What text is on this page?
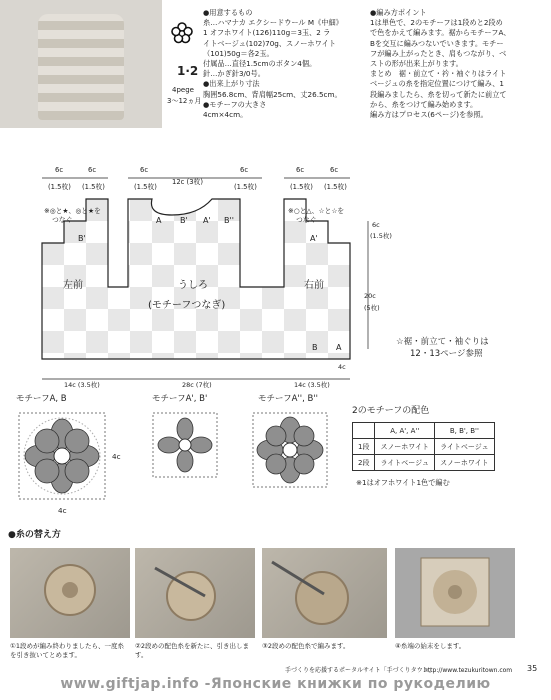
1·2
4pege
3～12ヵ月
●用意するもの
糸…ハマナカ エクシードウール M《中細》
1 オフホワイト(126)110g＝3玉、2 ラ
イトベージュ(102)70g、スノーホワイト
（101)50g＝各2玉。
付属品…直径1.5cmのボタン4個。
針…かぎ針3/0号。
●出来上がり寸法
胸囲56.8cm、背肩幅25cm、丈26.5cm。
●モチーフの大きさ
4cm×4cm。
●編み方ポイント
1は単色で、2のモチーフは1段めと2段め
で色をかえて編みます。裾からモチーフA、
Bを交互に編みつないでいきます。モチー
フが編み上がったとき、肩もつながり、ベ
ストの形が出来上がります。
まとめ　裾・前立て・衿・袖ぐりはライト
ベージュの糸を指定位置につけて編み、1
段編みましたら、糸を切って新たに前立て
から、糸をつけて編み始めます。
編み方はプロセス(6ページ)を参照。
6c	6c
12c (3枚)
6c	6c	6c	6c
(1.5枚) (1.5枚)	(1.5枚)	(1.5枚)	(1.5枚) (1.5枚)
※◎と★、◎と★を
つなぐ
※○と△、☆と☆を
つなぐ
B'
A B' A' B''
A'
B A
4c
左前	うしろ
(モチーフつなぎ)
右前
6c
(1.5枚)
20c
(5枚)
14c (3.5枚)	28c (7枚)	14c (3.5枚)
☆裾・前立て・袖ぐりは
12・13ページ参照
モチーフA, B	モチーフA', B'	モチーフA'', B''
4c
4c
2のモチーフの配色
	A, A', A''	B, B', B''
1段	スノーホワイト	ライトベージュ
2段	ライトベージュ	スノーホワイト
※1はオフホワイト1色で編む
●糸の替え方
①1段めが編み終わりましたら、一度糸を引き抜いてとめます。
②2段めの配色糸を新たに、引き出します。
③2段めの配色糸で編みます。	④糸端の始末をします。
手づくりを応援するポータルサイト「手づくりタウン」
http://www.tezukuritown.com 35
www.giftjap.info -Японские книжки по рукоделию
